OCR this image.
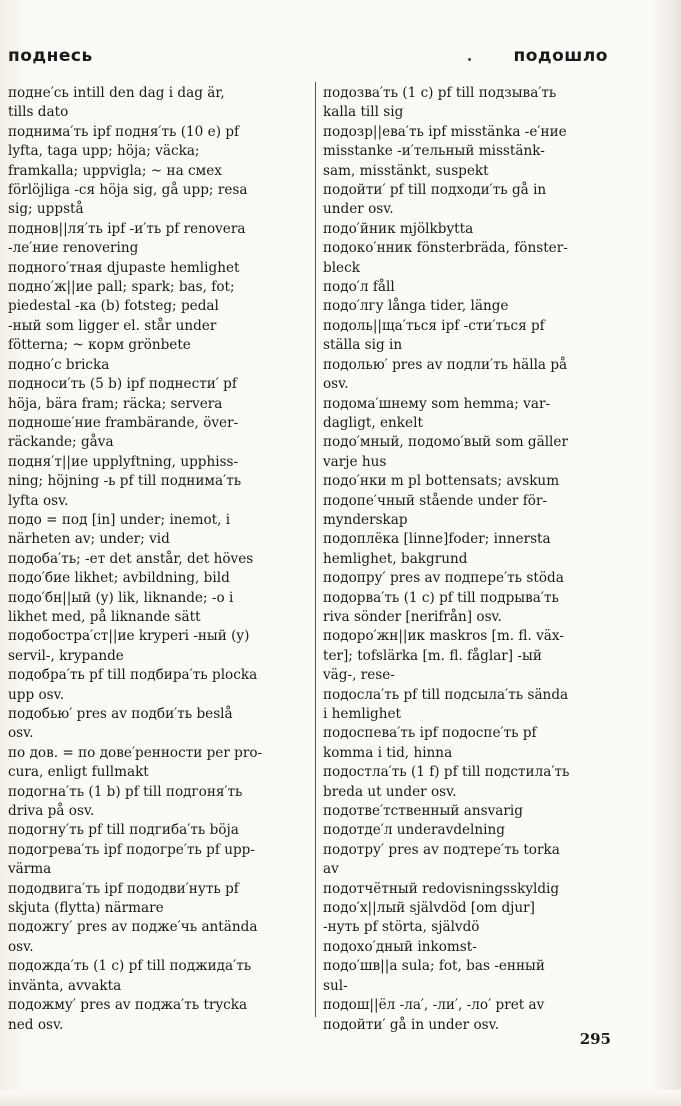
поднесь	подошло
подне′сь intill den dag i dag är,
tills dato
поднима′ть ipf подня′ть (10 e) pf
lyfta, taga upp; höja; väcka;
framkalla; uppvigla; ~ на смех
förlöjliga -ся höja sig, gå upp; resa
sig; uppstå
поднов||ля′ть ipf -и′ть pf renovera
-ле′ние renovering
подного′тная djupaste hemlighet
подно′ж||ие pall; spark; bas, fot;
piedestal -ка (b) fotsteg; pedal
-ный som ligger el. står under
fötterna; ~ корм grönbete
подно′с bricka
подноси′ть (5 b) ipf поднести′ pf
höja, bära fram; räcka; servera
подноше′ние frambärande, över-
räckande; gåva
подня′т||ие upplyftning, upphiss-
ning; höjning -ь pf till поднима′ть
lyfta osv.
подо = под [in] under; inemot, i
närheten av; under; vid
подоба′ть; -ет det anstår, det höves
подо′бие likhet; avbildning, bild
подо′бн||ый (y) lik, liknande; -o i
likhet med, på liknande sätt
подобостра′ст||ие kryperi -ный (y)
servil-, krypande
подобра′ть pf till подбира′ть plocka
upp osv.
подобью′ pres av подби′ть beslå
osv.
по дов. = по дове′ренности per pro-
cura, enligt fullmakt
подогна′ть (1 b) pf till подгоня′ть
driva på osv.
подогну′ть pf till подгиба′ть böja
подогрева′ть ipf подогре′ть pf upp-
värma
пододвига′ть ipf пододви′нуть pf
skjuta (flytta) närmare
подожгу′ pres av подже′чь antända
osv.
подожда′ть (1 c) pf till поджида′ть
invänta, avvakta
подожму′ pres av поджа′ть trycka
ned osv.
подозва′ть (1 c) pf till подзыва′ть
kalla till sig
подозр||ева′ть ipf misstänka -е′ние
misstanke -и′тельный misstänk-
sam, misstänkt, suspekt
подойти′ pf till подходи′ть gå in
under osv.
подо′йник mjölkbytta
подоко′нник fönsterbräda, fönster-
bleck
подо′л fåll
подо′лгу långa tider, länge
подоль||ща′ться ipf -сти′ться pf
ställa sig in
подолью′ pres av подли′ть hälla på
osv.
подома′шнему som hemma; var-
dagligt, enkelt
подо′мный, подомо′вый som gäller
varje hus
подо′нки m pl bottensats; avskum
подопе′чный stående under för-
mynderskap
подоплёка [linne]foder; innersta
hemlighet, bakgrund
подопру′ pres av подпере′ть stöda
подорва′ть (1 c) pf till подрыва′ть
riva sönder [nerifrån] osv.
подоро′жн||ик maskros [m. fl. väx-
ter]; tofslärka [m. fl. fåglar] -ый
väg-, rese-
подосла′ть pf till подсыла′ть sända
i hemlighet
подоспева′ть ipf подоспе′ть pf
komma i tid, hinna
подостла′ть (1 f) pf till подстила′ть
breda ut under osv.
подотве′тственный ansvarig
подотде′л underavdelning
подотру′ pres av подтере′ть torka
av
подотчётный redovisningsskyldig
подо′х||лый självdöd [om djur]
-нуть pf störta, självdö
подохо′дный inkomst-
подо′шв||а sula; fot, bas -енный
sul-
подош||ёл -ла′, -ли′, -ло′ pret av
подойти′ gå in under osv.
295
